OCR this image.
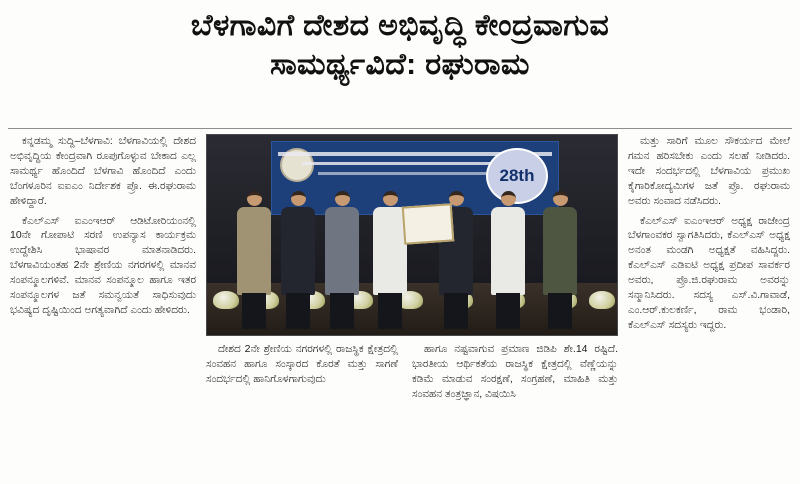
ಬೆಳಗಾವಿಗೆ ದೇಶದ ಅಭಿವೃದ್ಧಿ ಕೇಂದ್ರವಾಗುವ
ಸಾಮರ್ಥ್ಯವಿದೆ: ರಘುರಾಮ

ಕನ್ನಡಮ್ಮ ಸುದ್ದಿ–ಬೆಳಗಾವಿ: ಬೆಳಗಾವಿಯಲ್ಲಿ ದೇಶದ ಅಭಿವೃದ್ಧಿಯ ಕೇಂದ್ರವಾಗಿ ರೂಪುಗೊಳ್ಳುವ ಬೇಕಾದ ಎಲ್ಲ ಸಾಮರ್ಥ್ಯ ಹೊಂದಿದೆ ಬೆಳಗಾವಿ ಹೊಂದಿದೆ ಎಂದು ಬೆಂಗಳೂರಿನ ಐಐಎಂ ನಿರ್ದೇಶಕ ಪ್ರೊ. ಈ.ರಘುರಾಮ ಹೇಳಿದ್ದಾರೆ.

ಕೆಎಲ್‌ಎಸ್ ಐಎಂಇಆರ್ ಆಡಿಟೋರಿಯಂನಲ್ಲಿ 10ನೇ ಗೋಪಾಟಿ ಸರಣಿ ಉಪನ್ಯಾಸ ಕಾರ್ಯಕ್ರಮ ಉದ್ದೇಶಿಸಿ ಭಾಷಾವರ ಮಾತನಾಡಿದರು. ಬೆಳಗಾವಿಯಂತಹ 2ನೇ ಶ್ರೇಣಿಯ ನಗರಗಳಲ್ಲಿ ಮಾನವ ಸಂಪನ್ಮೂಲಗಳಿವೆ. ಮಾನವ ಸಂಪನ್ಮೂಲ ಹಾಗೂ ಇತರ ಸಂಪನ್ಮೂಲಗಳ ಜತೆ ಸಮನ್ವಯತೆ ಸಾಧಿಸುವುದು ಭವಿಷ್ಯದ ದೃಷ್ಟಿಯಿಂದ ಅಗತ್ಯವಾಗಿದೆ ಎಂದು ಹೇಳಿದರು.

28th

ದೇಶದ 2ನೇ ಶ್ರೇಣಿಯ ನಗರಗಳಲ್ಲಿ ರಾಜಸ್ಥಿಕ ಕ್ಷೇತ್ರದಲ್ಲಿ ಸಂವಹನ ಹಾಗೂ ಸಂಸ್ಕಾರದ ಕೊರತೆ ಮತ್ತು ಸಾಗಣೆ ಸಂದರ್ಭದಲ್ಲಿ ಹಾನಿಗೊಳಗಾಗುವುದು

ಹಾಗೂ ನಷ್ಟವಾಗುವ ಪ್ರಮಾಣ ಜಿಡಿಪಿ ಶೇ.14 ರಷ್ಟಿದೆ. ಭಾರತೀಯ ಆರ್ಥಿಕತೆಯ ರಾಜಸ್ಥಿಕ ಕ್ಷೇತ್ರದಲ್ಲಿ ವೆಣ್ಣೆಯನ್ನು ಕಡಿಮೆ ಮಾಡುವ ಸಂರಕ್ಷಣೆ, ಸಂಗ್ರಹಣೆ, ಮಾಹಿತಿ ಮತ್ತು ಸಂವಹನ ತಂತ್ರಜ್ಞಾನ, ವಿಷಯಿಸಿ

ಮತ್ತು ಸಾರಿಗೆ ಮೂಲ ಸೌಕರ್ಯದ ಮೇಲೆ ಗಮನ ಹರಿಸಬೇಕು ಎಂದು ಸಲಹೆ ನೀಡಿದರು. ಇದೇ ಸಂದರ್ಭದಲ್ಲಿ ಬೆಳಗಾವಿಯ ಪ್ರಮುಖ ಕೈಗಾರಿಕೋದ್ಯಮಿಗಳ ಜತೆ ಪ್ರೊ. ರಘುರಾಮ ಅವರು ಸಂವಾದ ನಡೆಸಿದರು.

ಕೆಎಲ್‌ಎಸ್ ಐಎಂಇಆರ್ ಅಧ್ಯಕ್ಷ ರಾಜೇಂದ್ರ ಬೆಳಗಾಂವಕರ ಸ್ವಾಗತಿಸಿದರು, ಕೆಎಲ್‌ಎಸ್ ಅಧ್ಯಕ್ಷ ಅನಂತ ಮಂಡಗಿ ಅಧ್ಯಕ್ಷತೆ ವಹಿಸಿದ್ದರು. ಕೆಎಲ್‌ಎಸ್ ಎಡಿಐಟಿ ಅಧ್ಯಕ್ಷ ಪ್ರದೀಪ ಸಾವರ್ಕರ ಅವರು, ಪ್ರೊ.ಜಿ.ರಘುರಾಮ ಅವರನ್ನು ಸನ್ಮಾನಿಸಿದರು. ಸದಸ್ಯ ಎಸ್.ವಿ.ಗಾವಾಡೆ, ಎಂ.ಆರ್.ಕುಲಕರ್ಣಿ, ರಾಮ ಭಂಡಾರಿ, ಕೆಎಲ್‌ಎಸ್ ಸದಸ್ಯರು ಇದ್ದರು.
